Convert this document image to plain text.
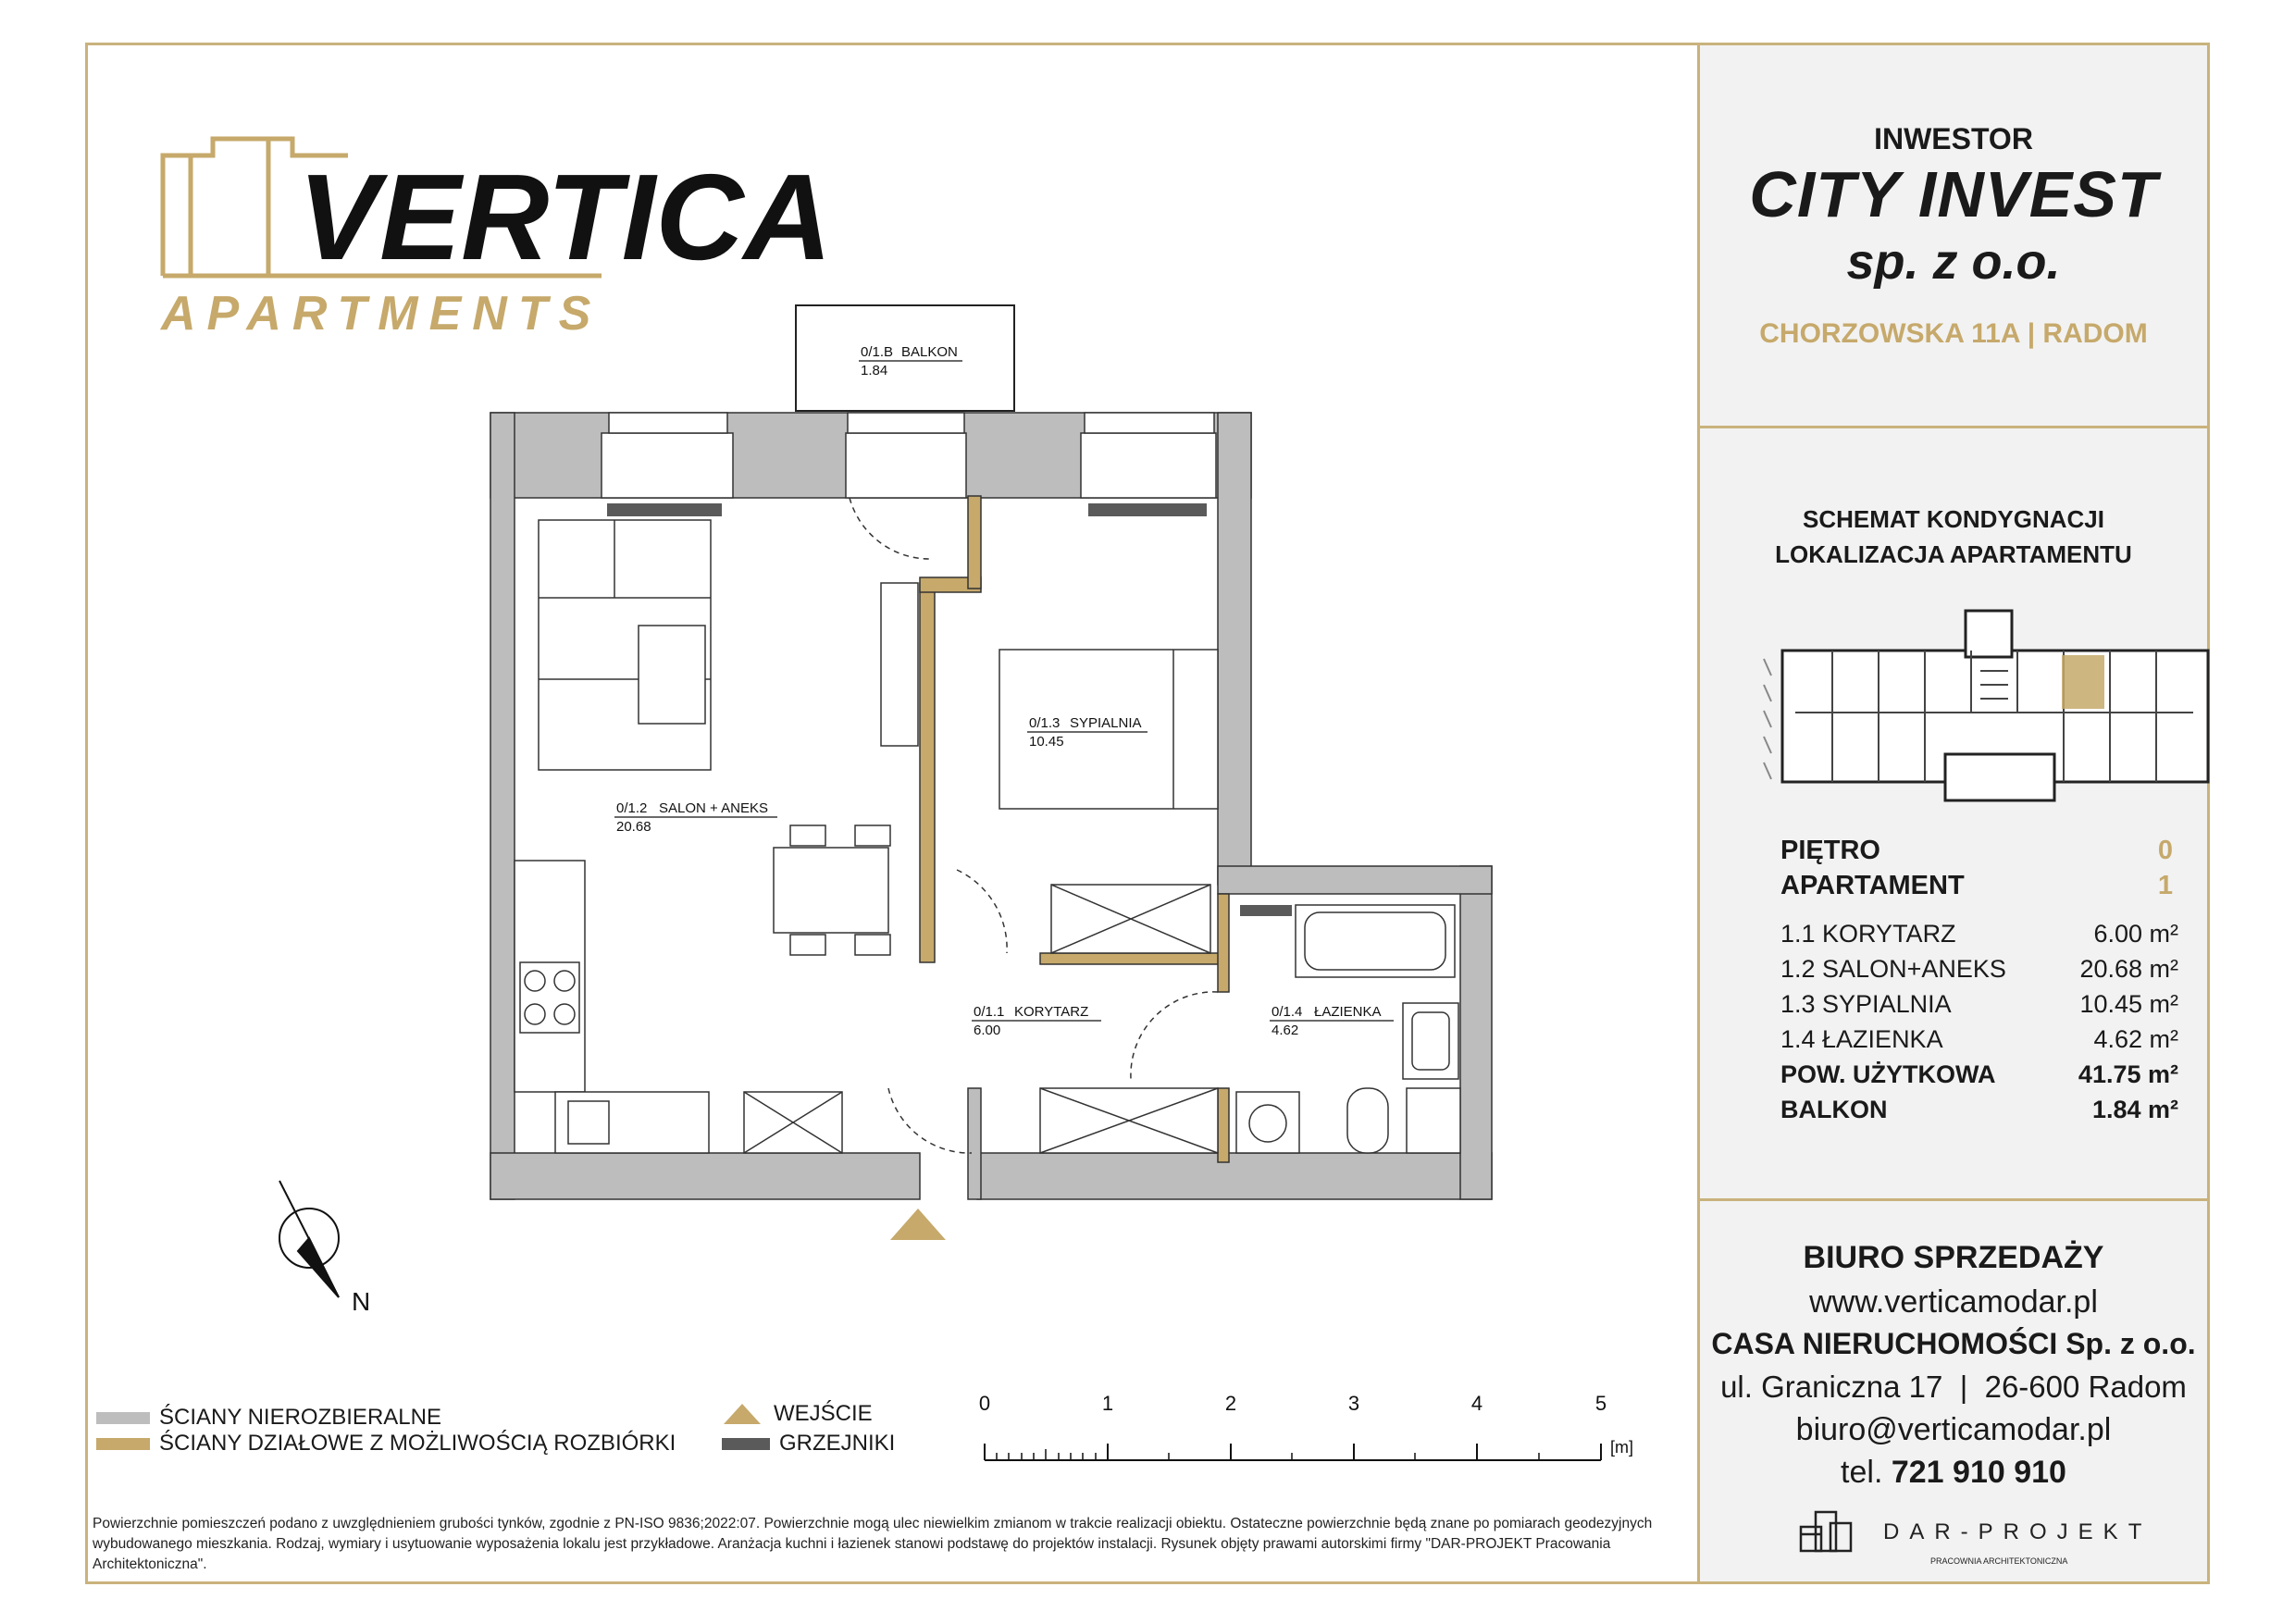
VERTICA
APARTMENTS
INWESTOR
CITY INVEST
sp. z o.o.
CHORZOWSKA 11A | RADOM
SCHEMAT KONDYGNACJI
LOKALIZACJA APARTAMENTU
PIĘTRO	0
APARTAMENT	1
1.1 KORYTARZ	6.00 m²
1.2 SALON+ANEKS	20.68 m²
1.3 SYPIALNIA	10.45 m²
1.4 ŁAZIENKA	4.62 m²
POW. UŻYTKOWA	41.75 m²
BALKON	1.84 m²
BIURO SPRZEDAŻY
www.verticamodar.pl
CASA NIERUCHOMOŚCI Sp. z o.o.
ul. Graniczna 17  |  26-600 Radom
biuro@verticamodar.pl
tel. 721 910 910
DAR-PROJEKT
PRACOWNIA ARCHITEKTONICZNA
0/1.B BALKON
1.84
0/1.2 SALON + ANEKS
20.68
0/1.3 SYPIALNIA
10.45
0/1.1 KORYTARZ
6.00
0/1.4 ŁAZIENKA
4.62
N
0	1	2	3	4	5
[m]
ŚCIANY NIEROZBIERALNE
ŚCIANY DZIAŁOWE Z MOŻLIWOŚCIĄ ROZBIÓRKI
WEJŚCIE
GRZEJNIKI
Powierzchnie pomieszczeń podano z uwzględnieniem grubości tynków, zgodnie z PN-ISO 9836;2022:07. Powierzchnie mogą ulec niewielkim zmianom w trakcie realizacji obiektu. Ostateczne powierzchnie będą znane po pomiarach geodezyjnych wybudowanego mieszkania. Rodzaj, wymiary i usytuowanie wyposażenia lokalu jest przykładowe. Aranżacja kuchni i łazienek stanowi podstawę do projektów instalacji. Rysunek objęty prawami autorskimi firmy "DAR-PROJEKT Pracowania Architektoniczna".
